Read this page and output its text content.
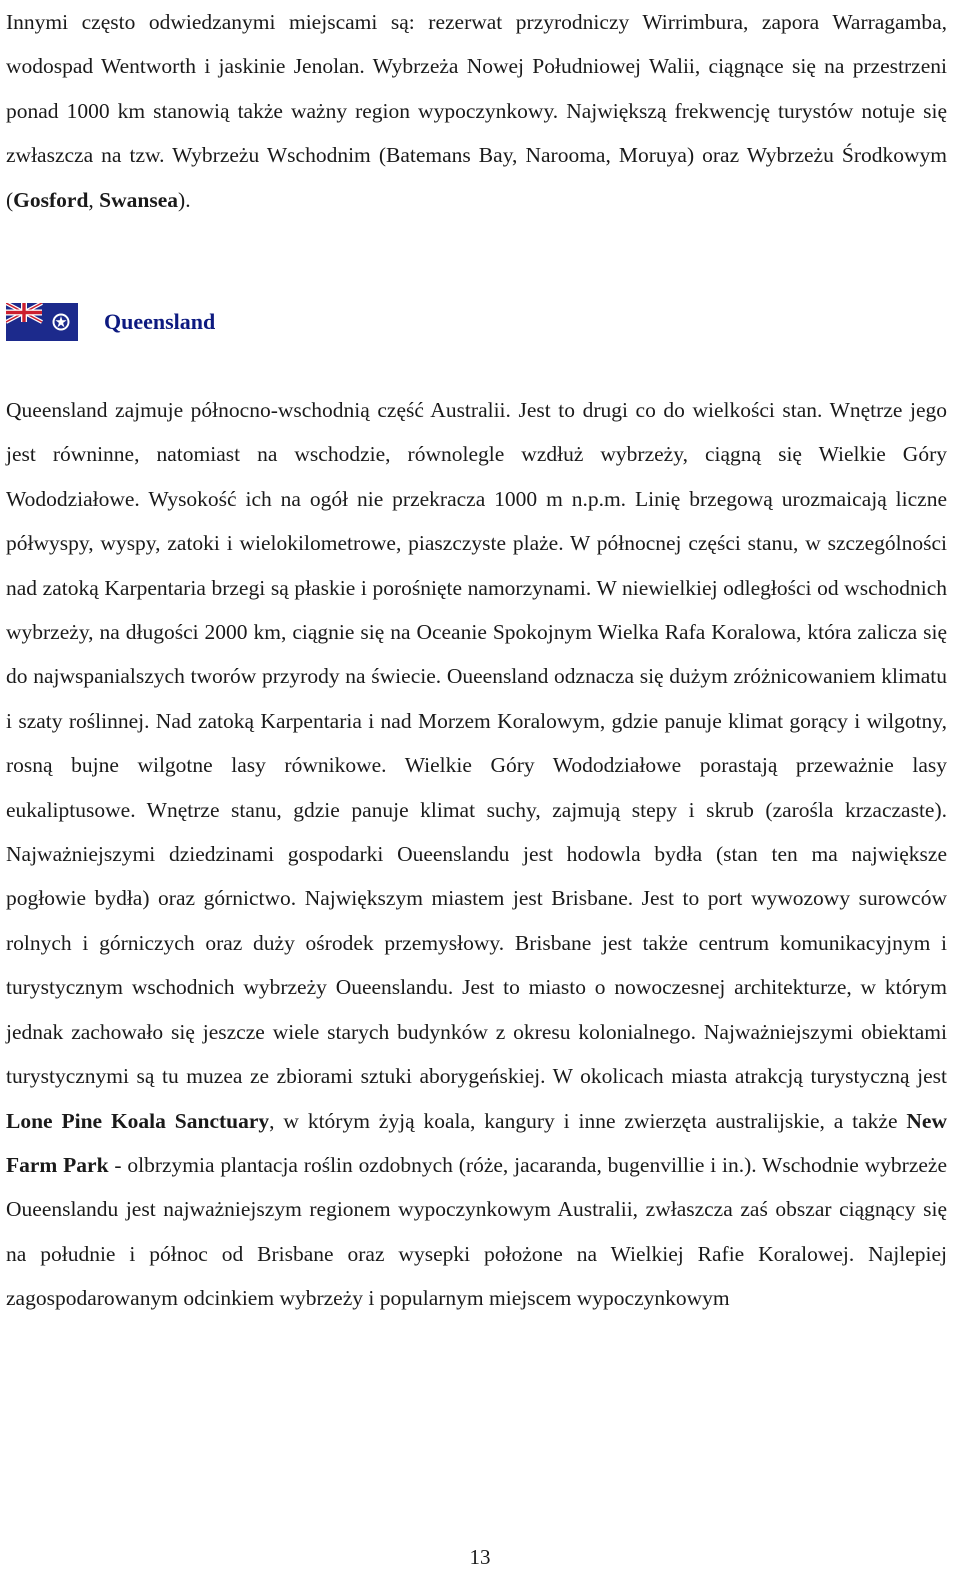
Innymi często odwiedzanymi miejscami są: rezerwat przyrodniczy Wirrimbura, zapora Warragamba, wodospad Wentworth i jaskinie Jenolan. Wybrzeża Nowej Południowej Walii, ciągnące się na przestrzeni ponad 1000 km stanowią także ważny region wypoczynkowy. Największą frekwencję turystów notuje się zwłaszcza na tzw. Wybrzeżu Wschodnim (Batemans Bay, Narooma, Moruya) oraz Wybrzeżu Środkowym (Gosford, Swansea).

Queensland

Queensland zajmuje północno-wschodnią część Australii. Jest to drugi co do wielkości stan. Wnętrze jego jest równinne, natomiast na wschodzie, równolegle wzdłuż wybrzeży, ciągną się Wielkie Góry Wododziałowe. Wysokość ich na ogół nie przekracza 1000 m n.p.m. Linię brzegową urozmaicają liczne półwyspy, wyspy, zatoki i wielokilometrowe, piaszczyste plaże. W północnej części stanu, w szczególności nad zatoką Karpentaria brzegi są płaskie i porośnięte namorzynami. W niewielkiej odległości od wschodnich wybrzeży, na długości 2000 km, ciągnie się na Oceanie Spokojnym Wielka Rafa Koralowa, która zalicza się do najwspanialszych tworów przyrody na świecie. Oueensland odznacza się dużym zróżnicowaniem klimatu i szaty roślinnej. Nad zatoką Karpentaria i nad Morzem Koralowym, gdzie panuje klimat gorący i wilgotny, rosną bujne wilgotne lasy równikowe. Wielkie Góry Wododziałowe porastają przeważnie lasy eukaliptusowe. Wnętrze stanu, gdzie panuje klimat suchy, zajmują stepy i skrub (zarośla krzaczaste). Najważniejszymi dziedzinami gospodarki Oueenslandu jest hodowla bydła (stan ten ma największe pogłowie bydła) oraz górnictwo. Największym miastem jest Brisbane. Jest to port wywozowy surowców rolnych i górniczych oraz duży ośrodek przemysłowy. Brisbane jest także centrum komunikacyjnym i turystycznym wschodnich wybrzeży Oueenslandu. Jest to miasto o nowoczesnej architekturze, w którym jednak zachowało się jeszcze wiele starych budynków z okresu kolonialnego. Najważniejszymi obiektami turystycznymi są tu muzea ze zbiorami sztuki aborygeńskiej. W okolicach miasta atrakcją turystyczną jest Lone Pine Koala Sanctuary, w którym żyją koala, kangury i inne zwierzęta australijskie, a także New Farm Park - olbrzymia plantacja roślin ozdobnych (róże, jacaranda, bugenvillie i in.). Wschodnie wybrzeże Oueenslandu jest najważniejszym regionem wypoczynkowym Australii, zwłaszcza zaś obszar ciągnący się na południe i północ od Brisbane oraz wysepki położone na Wielkiej Rafie Koralowej. Najlepiej zagospodarowanym odcinkiem wybrzeży i popularnym miejscem wypoczynkowym

13
